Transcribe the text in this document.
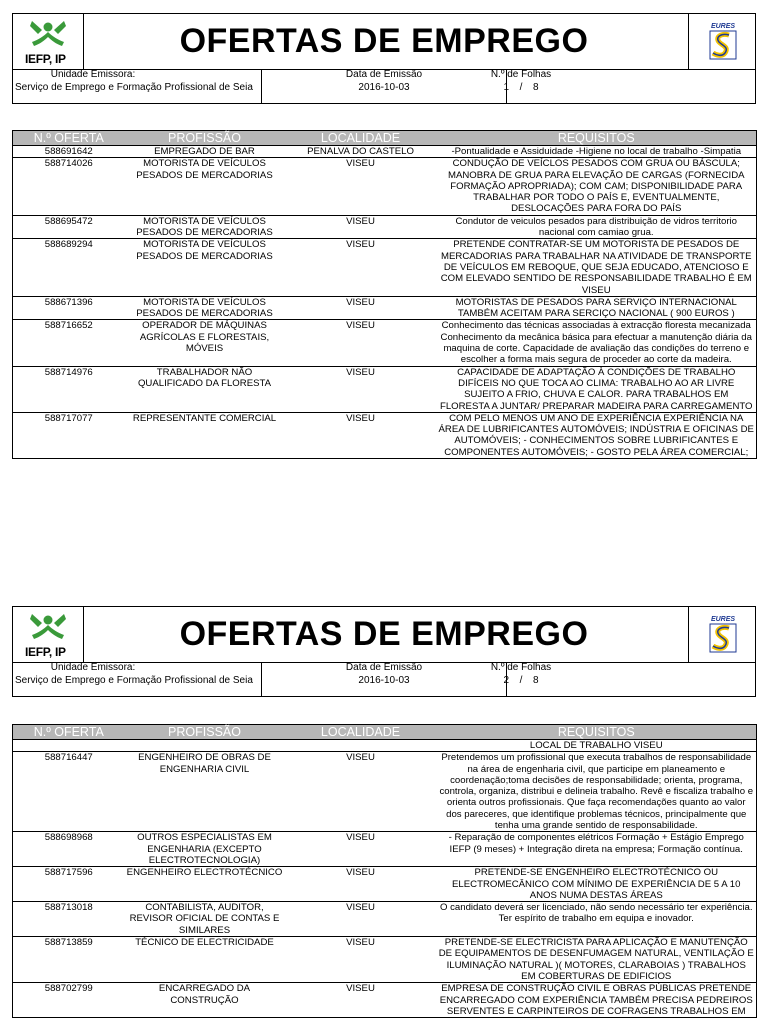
IEFP, IP	OFERTAS DE EMPREGO	EURES
Unidade Emissora:
Serviço de Emprego e Formação Profissional de Seia
Data de Emissão
2016-10-03
N.º de Folhas
1 / 8
N.º OFERTA	PROFISSÃO	LOCALIDADE	REQUISITOS
588691642	EMPREGADO DE BAR	PENALVA DO CASTELO	-Pontualidade e Assiduidade -Higiene no local de trabalho -Simpatia
588714026	MOTORISTA DE VEÍCULOS PESADOS DE MERCADORIAS	VISEU	CONDUÇÃO DE VEÍCLOS PESADOS COM GRUA OU BÁSCULA; MANOBRA DE GRUA PARA ELEVAÇÃO DE CARGAS (FORNECIDA FORMAÇÃO APROPRIADA); COM CAM; DISPONIBILIDADE PARA TRABALHAR POR TODO O PAÍS E, EVENTUALMENTE, DESLOCAÇÕES PARA FORA DO PAÍS
588695472	MOTORISTA DE VEÍCULOS PESADOS DE MERCADORIAS	VISEU	Condutor de veiculos pesados para distribuição de vidros territorio nacional com camiao grua.
588689294	MOTORISTA DE VEÍCULOS PESADOS DE MERCADORIAS	VISEU	PRETENDE CONTRATAR-SE UM MOTORISTA DE PESADOS DE MERCADORIAS PARA TRABALHAR NA ATIVIDADE DE TRANSPORTE DE VEÍCULOS EM REBOQUE, QUE SEJA EDUCADO, ATENCIOSO E COM ELEVADO SENTIDO DE RESPONSABILIDADE TRABALHO É EM VISEU
588671396	MOTORISTA DE VEÍCULOS PESADOS DE MERCADORIAS	VISEU	MOTORISTAS DE PESADOS PARA SERVIÇO INTERNACIONAL TAMBÉM ACEITAM PARA SERCIÇO NACIONAL ( 900 EUROS )
588716652	OPERADOR DE MÁQUINAS AGRÍCOLAS E FLORESTAIS, MÓVEIS	VISEU	Conhecimento das técnicas associadas à extracção floresta mecanizada Conhecimento da mecânica básica para efectuar a manutenção diária da maquina de corte. Capacidade de avaliação das condições do terreno e escolher a forma mais segura de proceder ao corte da madeira.
588714976	TRABALHADOR NÃO QUALIFICADO DA FLORESTA	VISEU	CAPACIDADE DE ADAPTAÇÃO À CONDIÇÕES DE TRABALHO DIFÍCEIS NO QUE TOCA AO CLIMA: TRABALHO AO AR LIVRE SUJEITO A FRIO, CHUVA E CALOR. PARA TRABALHOS EM FLORESTA A JUNTAR/ PREPARAR MADEIRA PARA CARREGAMENTO
588717077	REPRESENTANTE COMERCIAL	VISEU	COM PELO MENOS UM ANO DE EXPERIÊNCIA EXPERIÊNCIA NA ÁREA DE LUBRIFICANTES AUTOMÓVEIS; INDÚSTRIA E OFICINAS DE AUTOMÓVEIS; - CONHECIMENTOS SOBRE LUBRIFICANTES E COMPONENTES AUTOMÓVEIS; - GOSTO PELA ÁREA COMERCIAL;
IEFP, IP	OFERTAS DE EMPREGO	EURES
Unidade Emissora:
Serviço de Emprego e Formação Profissional de Seia
Data de Emissão
2016-10-03
N.º de Folhas
2 / 8
N.º OFERTA	PROFISSÃO	LOCALIDADE	REQUISITOS
			LOCAL DE TRABALHO VISEU
588716447	ENGENHEIRO DE OBRAS DE ENGENHARIA CIVIL	VISEU	Pretendemos um profissional que executa trabalhos de responsabilidade na área de engenharia civil, que participe em planeamento e coordenação;toma decisões de responsabilidade; orienta, programa, controla, organiza, distribui e delineia trabalho. Revê e fiscaliza trabalho e orienta outros profissionais. Que faça recomendações quanto ao valor dos pareceres, que identifique problemas técnicos, principalmente que tenha uma grande sentido de responsabilidade.
588698968	OUTROS ESPECIALISTAS EM ENGENHARIA (EXCEPTO ELECTROTECNOLOGIA)	VISEU	- Reparação de componentes elétricos Formação + Estágio Emprego IEFP (9 meses) + Integração direta na empresa; Formação contínua.
588717596	ENGENHEIRO ELECTROTÉCNICO	VISEU	PRETENDE-SE ENGENHEIRO ELECTROTÉCNICO OU ELECTROMECÂNICO COM MÍNIMO DE EXPERIÊNCIA DE 5 A 10 ANOS NUMA DESTAS ÁREAS
588713018	CONTABILISTA, AUDITOR, REVISOR OFICIAL DE CONTAS E SIMILARES	VISEU	O candidato deverá ser licenciado, não sendo necessário ter experiência. Ter espírito de trabalho em equipa e inovador.
588713859	TÉCNICO DE ELECTRICIDADE	VISEU	PRETENDE-SE ELECTRICISTA PARA APLICAÇÃO E MANUTENÇÃO DE EQUIPAMENTOS DE DESENFUMAGEM NATURAL, VENTILAÇÃO E ILUMINAÇÃO NATURAL )( MOTORES, CLARABOIAS ) TRABALHOS EM COBERTURAS DE EDIFICIOS
588702799	ENCARREGADO DA CONSTRUÇÃO	VISEU	EMPRESA DE CONSTRUÇÃO CIVIL E OBRAS PÚBLICAS PRETENDE ENCARREGADO COM EXPERIÊNCIA TAMBÉM PRECISA PEDREIROS SERVENTES E CARPINTEIROS DE COFRAGENS TRABALHOS EM
